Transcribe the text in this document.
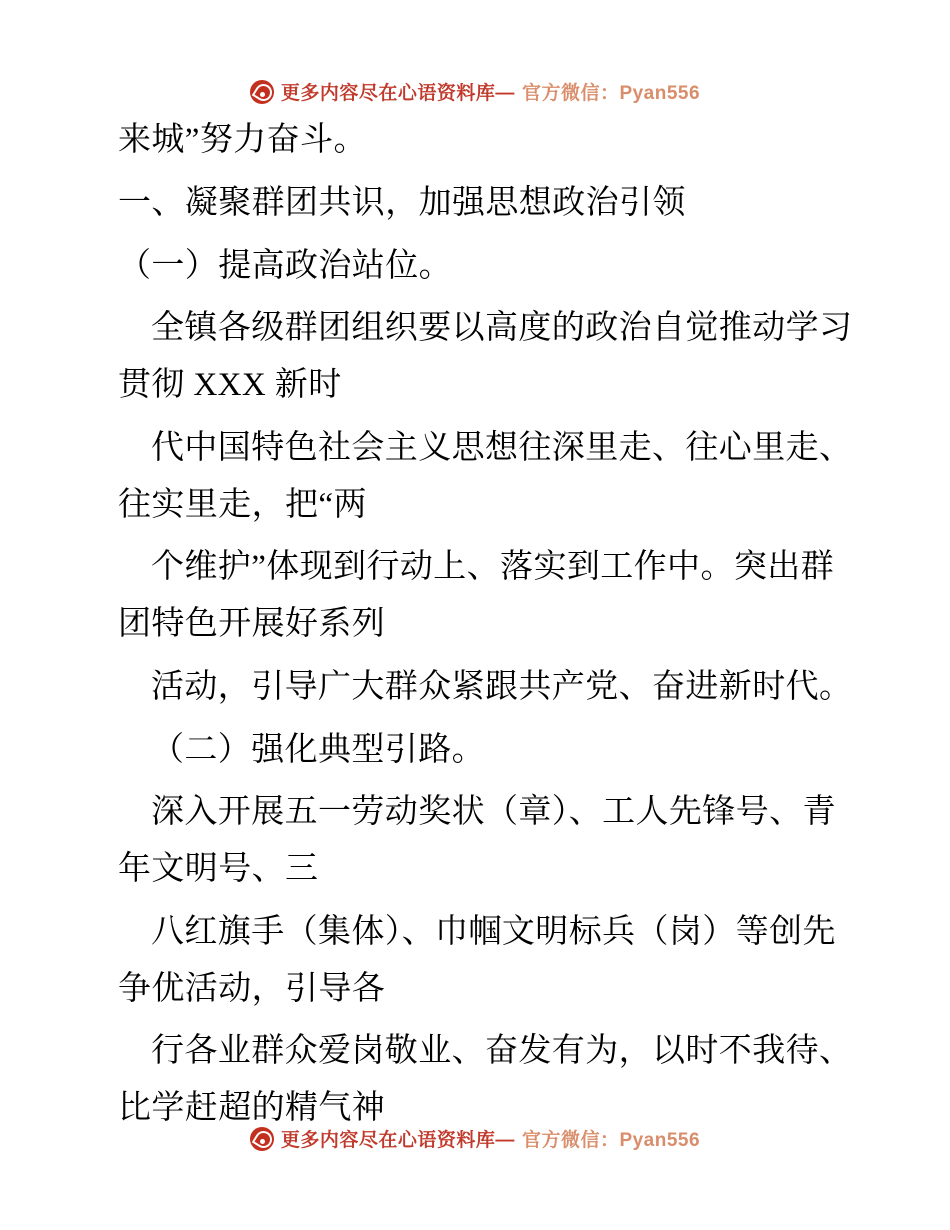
更多内容尽在心语资料库— 官方微信：Pyan556

来城”努力奋斗。

一、凝聚群团共识，加强思想政治引领

（一）提高政治站位。

全镇各级群团组织要以高度的政治自觉推动学习贯彻 XXX 新时

代中国特色社会主义思想往深里走、往心里走、往实里走，把“两

个维护”体现到行动上、落实到工作中。突出群团特色开展好系列

活动，引导广大群众紧跟共产党、奋进新时代。

（二）强化典型引路。

深入开展五一劳动奖状（章）、工人先锋号、青年文明号、三

八红旗手（集体）、巾帼文明标兵（岗）等创先争优活动，引导各

行各业群众爱岗敬业、奋发有为，以时不我待、比学赶超的精气神

更多内容尽在心语资料库— 官方微信：Pyan556
